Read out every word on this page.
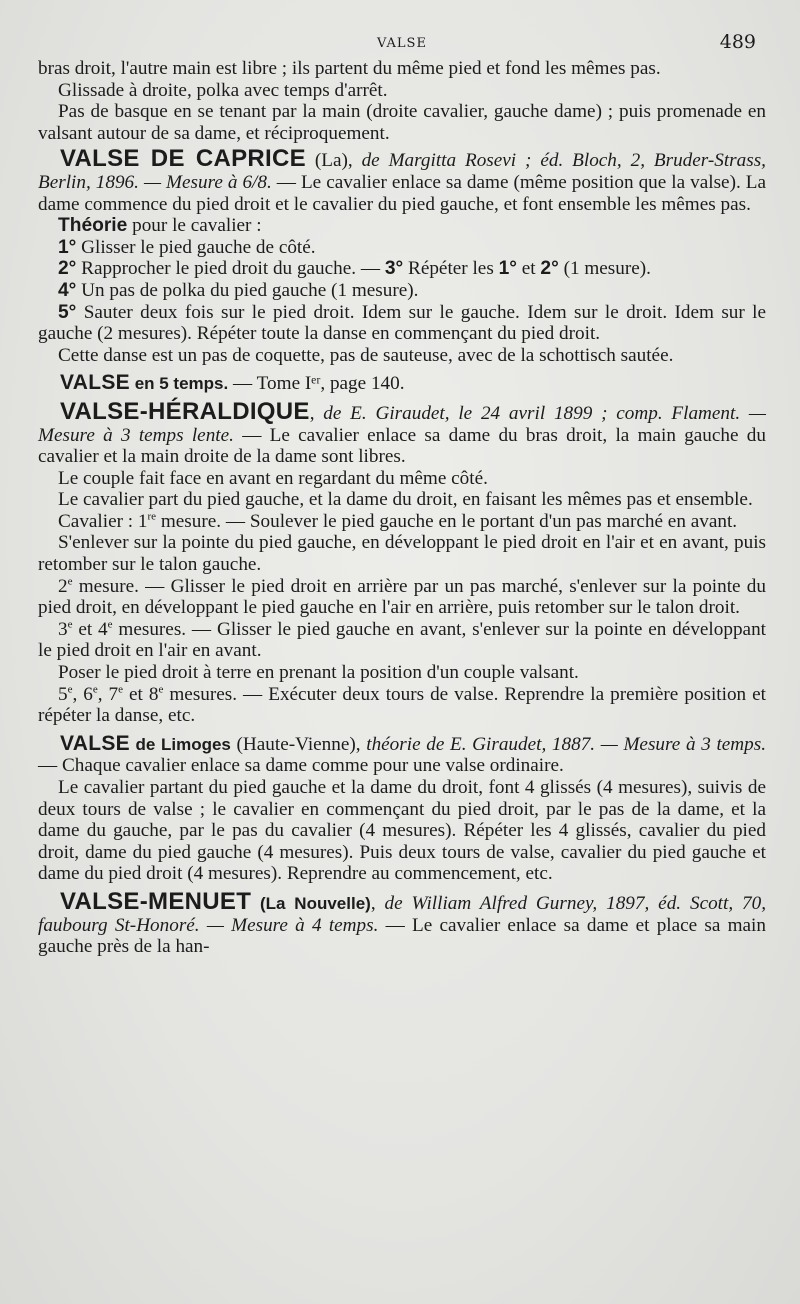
VALSE	489

bras droit, l'autre main est libre ; ils partent du même pied et fond les mêmes pas.

Glissade à droite, polka avec temps d'arrêt.

Pas de basque en se tenant par la main (droite cavalier, gauche dame) ; puis promenade en valsant autour de sa dame, et réciproquement.

VALSE DE CAPRICE (La), de Margitta Rosevi ; éd. Bloch, 2, Bruder-Strass, Berlin, 1896. — Mesure à 6/8. — Le cavalier enlace sa dame (même position que la valse). La dame commence du pied droit et le cavalier du pied gauche, et font ensemble les mêmes pas.

Théorie pour le cavalier :

1° Glisser le pied gauche de côté.

2° Rapprocher le pied droit du gauche. — 3° Répéter les 1° et 2° (1 mesure).

4° Un pas de polka du pied gauche (1 mesure).

5° Sauter deux fois sur le pied droit. Idem sur le gauche. Idem sur le droit. Idem sur le gauche (2 mesures). Répéter toute la danse en commençant du pied droit.

Cette danse est un pas de coquette, pas de sauteuse, avec de la schottisch sautée.

VALSE en 5 temps. — Tome Iᵉʳ, page 140.

VALSE-HÉRALDIQUE, de E. Giraudet, le 24 avril 1899 ; comp. Flament. — Mesure à 3 temps lente. — Le cavalier enlace sa dame du bras droit, la main gauche du cavalier et la main droite de la dame sont libres.

Le couple fait face en avant en regardant du même côté.

Le cavalier part du pied gauche, et la dame du droit, en faisant les mêmes pas et ensemble.

Cavalier : 1re mesure. — Soulever le pied gauche en le portant d'un pas marché en avant.

S'enlever sur la pointe du pied gauche, en développant le pied droit en l'air et en avant, puis retomber sur le talon gauche.

2e mesure. — Glisser le pied droit en arrière par un pas marché, s'enlever sur la pointe du pied droit, en développant le pied gauche en l'air en arrière, puis retomber sur le talon droit.

3e et 4e mesures. — Glisser le pied gauche en avant, s'enlever sur la pointe en développant le pied droit en l'air en avant.

Poser le pied droit à terre en prenant la position d'un couple valsant.

5e, 6e, 7e et 8e mesures. — Exécuter deux tours de valse. Reprendre la première position et répéter la danse, etc.

VALSE de Limoges (Haute-Vienne), théorie de E. Giraudet, 1887. — Mesure à 3 temps. — Chaque cavalier enlace sa dame comme pour une valse ordinaire.

Le cavalier partant du pied gauche et la dame du droit, font 4 glissés (4 mesures), suivis de deux tours de valse ; le cavalier en commençant du pied droit, par le pas de la dame, et la dame du gauche, par le pas du cavalier (4 mesures). Répéter les 4 glissés, cavalier du pied droit, dame du pied gauche (4 mesures). Puis deux tours de valse, cavalier du pied gauche et dame du pied droit (4 mesures). Reprendre au commencement, etc.

VALSE-MENUET (La Nouvelle), de William Alfred Gurney, 1897, éd. Scott, 70, faubourg St-Honoré. — Mesure à 4 temps. — Le cavalier enlace sa dame et place sa main gauche près de la han-
